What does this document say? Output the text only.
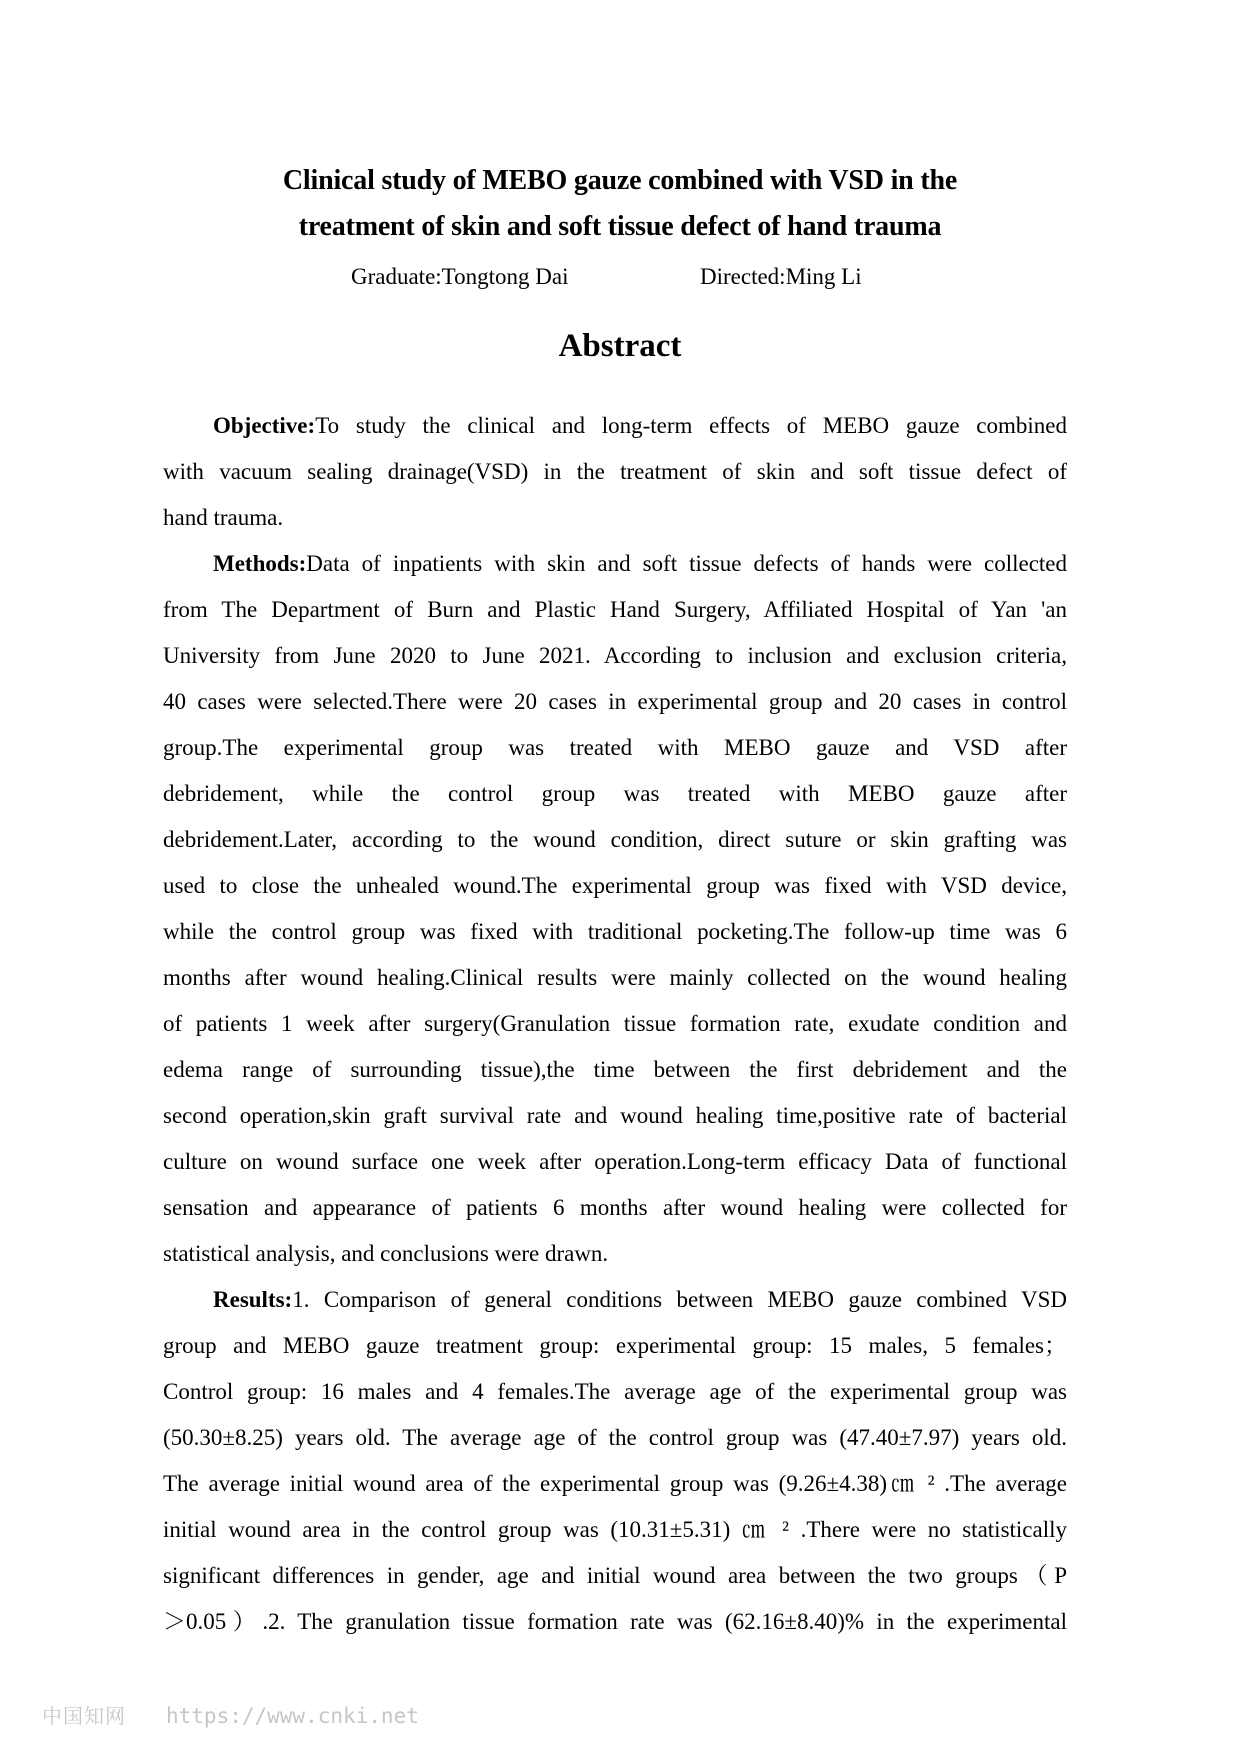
Clinical study of MEBO gauze combined with VSD in the
treatment of skin and soft tissue defect of hand trauma
Graduate:Tongtong Dai	Directed:Ming Li
Abstract
Objective:To study the clinical and long-term effects of MEBO gauze combined
with vacuum sealing drainage(VSD) in the treatment of skin and soft tissue defect of
hand trauma.
Methods:Data of inpatients with skin and soft tissue defects of hands were collected
from The Department of Burn and Plastic Hand Surgery, Affiliated Hospital of Yan 'an
University from June 2020 to June 2021. According to inclusion and exclusion criteria,
40 cases were selected.There were 20 cases in experimental group and 20 cases in control
group.The experimental group was treated with MEBO gauze and VSD after
debridement, while the control group was treated with MEBO gauze after
debridement.Later, according to the wound condition, direct suture or skin grafting was
used to close the unhealed wound.The experimental group was fixed with VSD device,
while the control group was fixed with traditional pocketing.The follow-up time was 6
months after wound healing.Clinical results were mainly collected on the wound healing
of patients 1 week after surgery(Granulation tissue formation rate, exudate condition and
edema range of surrounding tissue),the time between the first debridement and the
second operation,skin graft survival rate and wound healing time,positive rate of bacterial
culture on wound surface one week after operation.Long-term efficacy Data of functional
sensation and appearance of patients 6 months after wound healing were collected for
statistical analysis, and conclusions were drawn.
Results:1. Comparison of general conditions between MEBO gauze combined VSD
group and MEBO gauze treatment group: experimental group: 15 males, 5 females；
Control group: 16 males and 4 females.The average age of the experimental group was
(50.30±8.25) years old. The average age of the control group was (47.40±7.97) years old.
The average initial wound area of the experimental group was (9.26±4.38)㎝ ² .The average
initial wound area in the control group was (10.31±5.31) ㎝ ² .There were no statistically
significant differences in gender, age and initial wound area between the two groups（P
＞0.05）.2. The granulation tissue formation rate was (62.16±8.40)% in the experimental
中国知网 https://www.cnki.net
